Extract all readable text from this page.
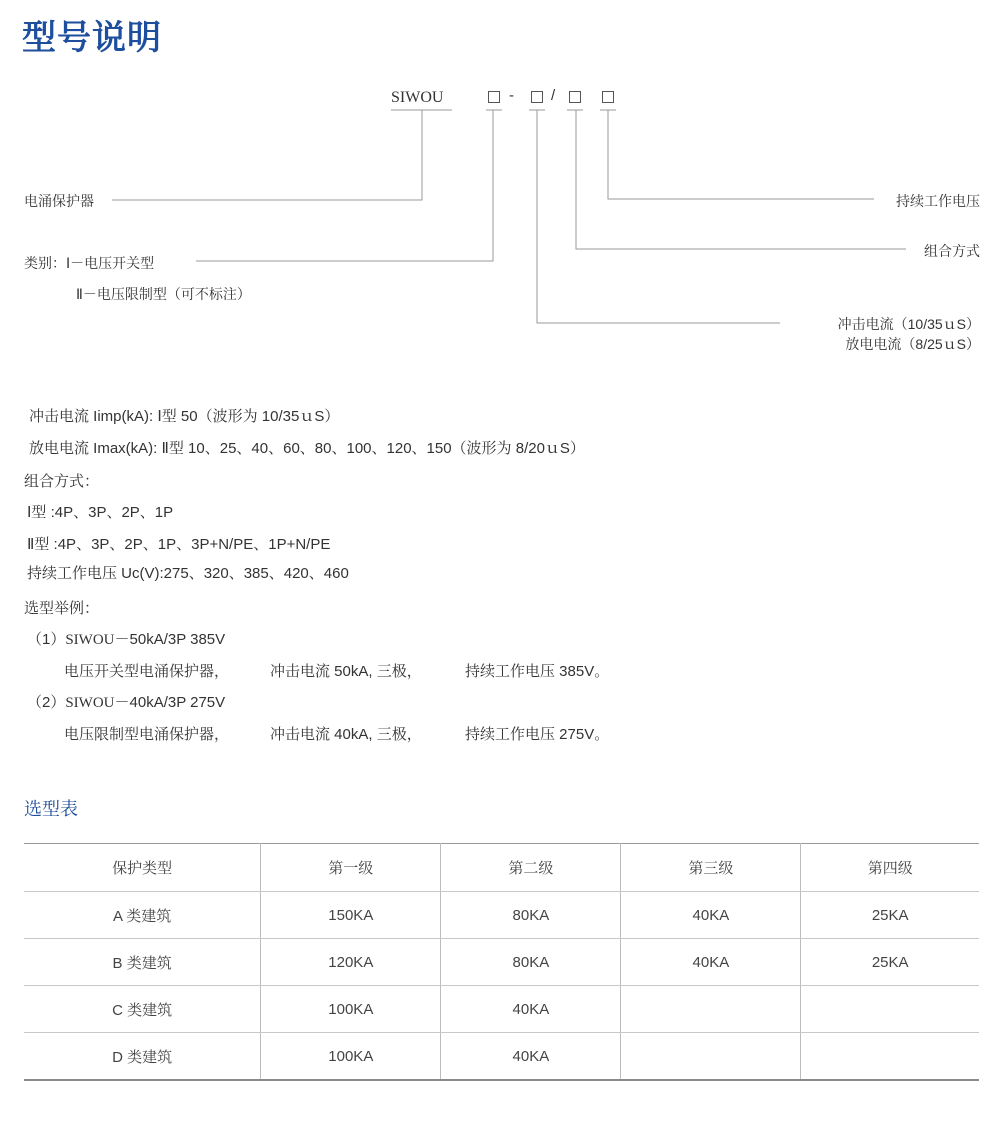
型号说明
SIWOU	- /
电涌保护器
类别：Ⅰ－电压开关型
Ⅱ－电压限制型（可不标注）
持续工作电压
组合方式
冲击电流（10/35ｕS）
放电电流（8/25ｕS）
冲击电流 Iimp(kA): Ⅰ型 50（波形为 10/35ｕS）
放电电流 Imax(kA): Ⅱ型 10、25、40、60、80、100、120、150（波形为 8/20ｕS）
组合方式：
Ⅰ型 :4P、3P、2P、1P
Ⅱ型 :4P、3P、2P、1P、3P+N/PE、1P+N/PE
持续工作电压 Uc(V):275、320、385、420、460
选型举例：
（1）SIWOU－50kA/3P 385V
电压开关型电涌保护器，	冲击电流 50kA, 三极，	持续工作电压 385V。
（2）SIWOU－40kA/3P 275V
电压限制型电涌保护器，	冲击电流 40kA, 三极，	持续工作电压 275V。
选型表
保护类型	第一级	第二级	第三级	第四级
A 类建筑	150KA	80KA	40KA	25KA
B 类建筑	120KA	80KA	40KA	25KA
C 类建筑	100KA	40KA		
D 类建筑	100KA	40KA		
